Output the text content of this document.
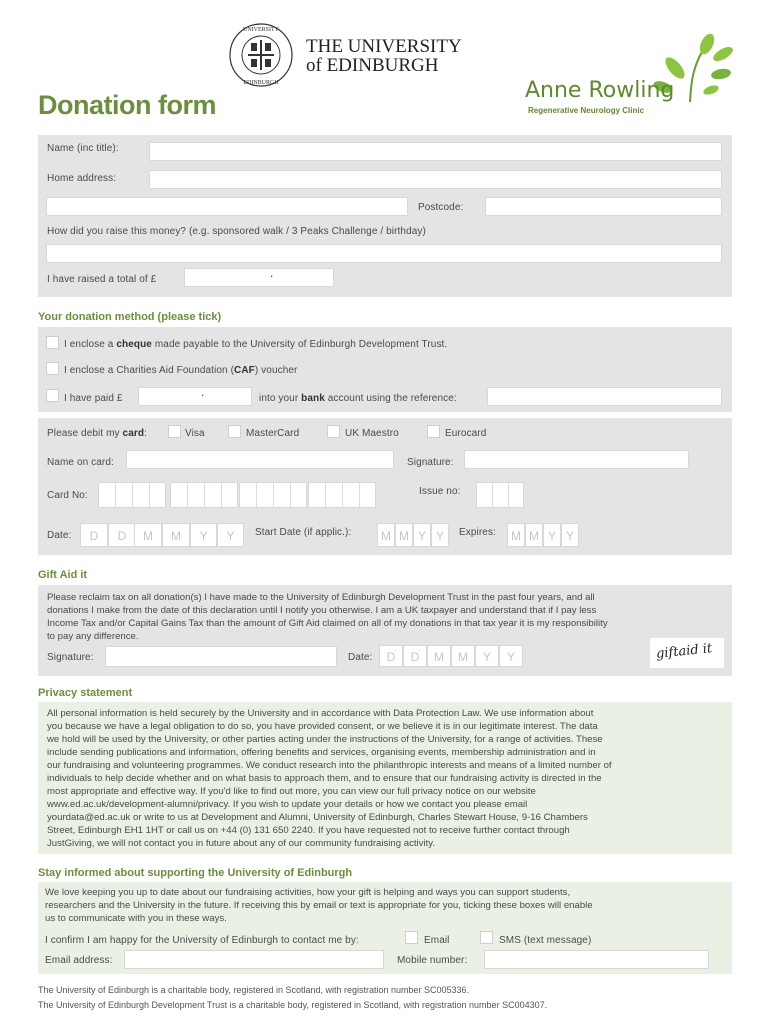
UNIVERSITY
EDINBURGH
THE UNIVERSITY
of EDINBURGH
Anne Rowling
Regenerative Neurology Clinic
Donation form
Name (inc title):
Home address:
Postcode:
How did you raise this money? (e.g. sponsored walk / 3 Peaks Challenge / birthday)
I have raised a total of £	.
Your donation method (please tick)
I enclose a cheque made payable to the University of Edinburgh Development Trust.
I enclose a Charities Aid Foundation (CAF) voucher
I have paid £	.	into your bank account using the reference:
Please debit my card:	Visa	MasterCard	UK Maestro	Eurocard
Name on card:	Signature:
Card No:	Issue no:
Date:	D	D	M	M	Y	Y	Start Date (if applic.):	M M Y Y	Expires:	M M Y Y
Gift Aid it
Please reclaim tax on all donation(s) I have made to the University of Edinburgh Development Trust in the past four years, and all
donations I make from the date of this declaration until I notify you otherwise. I am a UK taxpayer and understand that if I pay less
Income Tax and/or Capital Gains Tax than the amount of Gift Aid claimed on all of my donations in that tax year it is my responsibility
to pay any difference.
Signature:	Date:	D	D	M	M	Y	Y	giftaid it
Privacy statement
All personal information is held securely by the University and in accordance with Data Protection Law. We use information about
you because we have a legal obligation to do so, you have provided consent, or we believe it is in our legitimate interest. The data
we hold will be used by the University, or other parties acting under the instructions of the University, for a range of activities. These
include sending publications and information, offering benefits and services, organising events, membership administration and in
our fundraising and volunteering programmes. We conduct research into the philanthropic interests and means of a limited number of
individuals to help decide whether and on what basis to approach them, and to ensure that our fundraising activity is directed in the
most appropriate and effective way. If you'd like to find out more, you can view our full privacy notice on our website
www.ed.ac.uk/development-alumni/privacy. If you wish to update your details or how we contact you please email
yourdata@ed.ac.uk or write to us at Development and Alumni, University of Edinburgh, Charles Stewart House, 9-16 Chambers
Street, Edinburgh EH1 1HT or call us on +44 (0) 131 650 2240. If you have requested not to receive further contact through
JustGiving, we will not contact you in future about any of our community fundraising activity.
Stay informed about supporting the University of Edinburgh
We love keeping you up to date about our fundraising activities, how your gift is helping and ways you can support students,
researchers and the University in the future. If receiving this by email or text is appropriate for you, ticking these boxes will enable
us to communicate with you in these ways.
I confirm I am happy for the University of Edinburgh to contact me by:	Email	SMS (text message)
Email address:	Mobile number:
The University of Edinburgh is a charitable body, registered in Scotland, with registration number SC005336.
The University of Edinburgh Development Trust is a charitable body, registered in Scotland, with registration number SC004307.
